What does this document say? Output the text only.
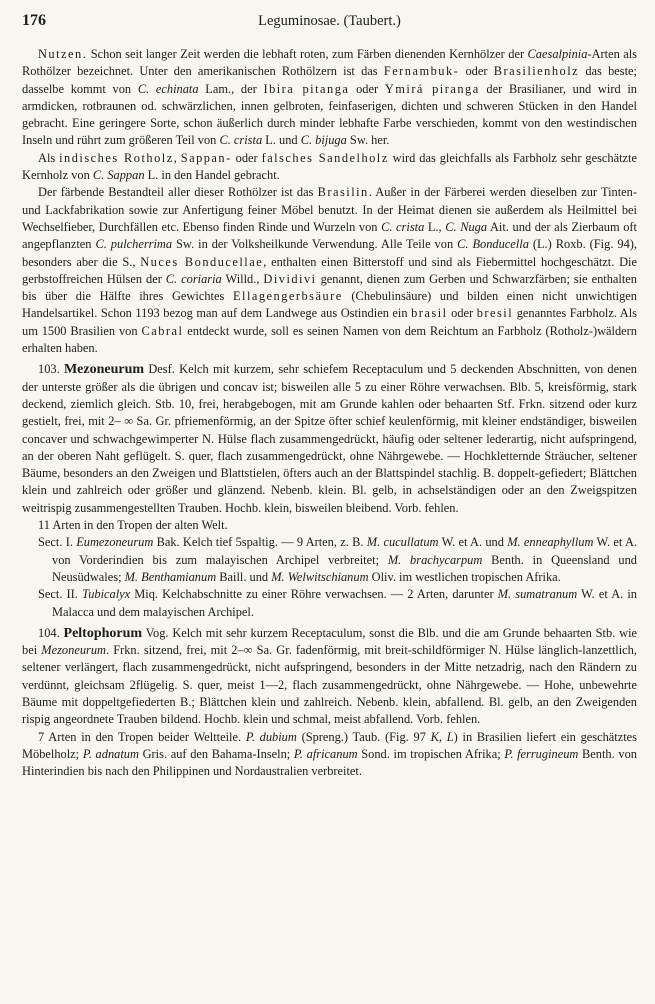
176	Leguminosae. (Taubert.)

Nutzen. Schon seit langer Zeit werden die lebhaft roten, zum Färben dienenden Kernhölzer der Caesalpinia-Arten als Rothölzer bezeichnet. Unter den amerikanischen Rothölzern ist das Fernambuk- oder Brasilienholz das beste; dasselbe kommt von C. echinata Lam., der Ibira pitanga oder Ymirá piranga der Brasilianer, und wird in armdicken, rotbraunen od. schwärzlichen, innen gelbroten, feinfaserigen, dichten und schweren Stücken in den Handel gebracht. Eine geringere Sorte, schon äußerlich durch minder lebhafte Farbe verschieden, kommt von den westindischen Inseln und rührt zum größeren Teil von C. crista L. und C. bijuga Sw. her.

Als indisches Rotholz, Sappan- oder falsches Sandelholz wird das gleichfalls als Farbholz sehr geschätzte Kernholz von C. Sappan L. in den Handel gebracht.

Der färbende Bestandteil aller dieser Rothölzer ist das Brasilin. Außer in der Färberei werden dieselben zur Tinten- und Lackfabrikation sowie zur Anfertigung feiner Möbel benutzt. In der Heimat dienen sie außerdem als Heilmittel bei Wechselfieber, Durchfällen etc. Ebenso finden Rinde und Wurzeln von C. crista L., C. Nuga Ait. und der als Zierbaum oft angepflanzten C. pulcherrima Sw. in der Volksheilkunde Verwendung. Alle Teile von C. Bonducella (L.) Roxb. (Fig. 94), besonders aber die S., Nuces Bonducellae, enthalten einen Bitterstoff und sind als Fiebermittel hochgeschätzt. Die gerbstoffreichen Hülsen der C. coriaria Willd., Dividivi genannt, dienen zum Gerben und Schwarzfärben; sie enthalten bis über die Hälfte ihres Gewichtes Ellagengerbsäure (Chebulinsäure) und bilden einen nicht unwichtigen Handelsartikel. Schon 1193 bezog man auf dem Landwege aus Ostindien ein brasil oder bresil genanntes Farbholz. Als um 1500 Brasilien von Cabral entdeckt wurde, soll es seinen Namen von dem Reichtum an Farbholz (Rotholz-)wäldern erhalten haben.

103. Mezoneurum Desf. Kelch mit kurzem, sehr schiefem Receptaculum und 5 deckenden Abschnitten, von denen der unterste größer als die übrigen und concav ist; bisweilen alle 5 zu einer Röhre verwachsen. Blb. 5, kreisförmig, stark deckend, ziemlich gleich. Stb. 10, frei, herabgebogen, mit am Grunde kahlen oder behaarten Stf. Frkn. sitzend oder kurz gestielt, frei, mit 2– ∞ Sa. Gr. pfriemenförmig, an der Spitze öfter schief keulenförmig, mit kleiner endständiger, bisweilen concaver und schwachgewimperter N. Hülse flach zusammengedrückt, häufig oder seltener lederartig, nicht aufspringend, an der oberen Naht geflügelt. S. quer, flach zusammengedrückt, ohne Nährgewebe. — Hochkletternde Sträucher, seltener Bäume, besonders an den Zweigen und Blattstielen, öfters auch an der Blattspindel stachlig. B. doppelt-gefiedert; Blättchen klein und zahlreich oder größer und glänzend. Nebenb. klein. Bl. gelb, in achselständigen oder an den Zweigspitzen weitrispig zusammengestellten Trauben. Hochb. klein, bisweilen bleibend. Vorb. fehlen.

11 Arten in den Tropen der alten Welt.

Sect. I. Eumezoneurum Bak. Kelch tief 5spaltig. — 9 Arten, z. B. M. cucullatum W. et A. und M. enneaphyllum W. et A. von Vorderindien bis zum malayischen Archipel verbreitet; M. brachycarpum Benth. in Queensland und Neusüdwales; M. Benthamianum Baill. und M. Welwitschianum Oliv. im westlichen tropischen Afrika.

Sect. II. Tubicalyx Miq. Kelchabschnitte zu einer Röhre verwachsen. — 2 Arten, darunter M. sumatranum W. et A. in Malacca und dem malayischen Archipel.

104. Peltophorum Vog. Kelch mit sehr kurzem Receptaculum, sonst die Blb. und die am Grunde behaarten Stb. wie bei Mezoneurum. Frkn. sitzend, frei, mit 2–∞ Sa. Gr. fadenförmig, mit breit-schildförmiger N. Hülse länglich-lanzettlich, seltener verlängert, flach zusammengedrückt, nicht aufspringend, besonders in der Mitte netzadrig, nach den Rändern zu verdünnt, gleichsam 2flügelig. S. quer, meist 1—2, flach zusammengedrückt, ohne Nährgewebe. — Hohe, unbewehrte Bäume mit doppeltgefiederten B.; Blättchen klein und zahlreich. Nebenb. klein, abfallend. Bl. gelb, an den Zweigenden rispig angeordnete Trauben bildend. Hochb. klein und schmal, meist abfallend. Vorb. fehlen.

7 Arten in den Tropen beider Weltteile. P. dubium (Spreng.) Taub. (Fig. 97 K, L) in Brasilien liefert ein geschätztes Möbelholz; P. adnatum Gris. auf den Bahama-Inseln; P. africanum Sond. im tropischen Afrika; P. ferrugineum Benth. von Hinterindien bis nach den Philippinen und Nordaustralien verbreitet.
